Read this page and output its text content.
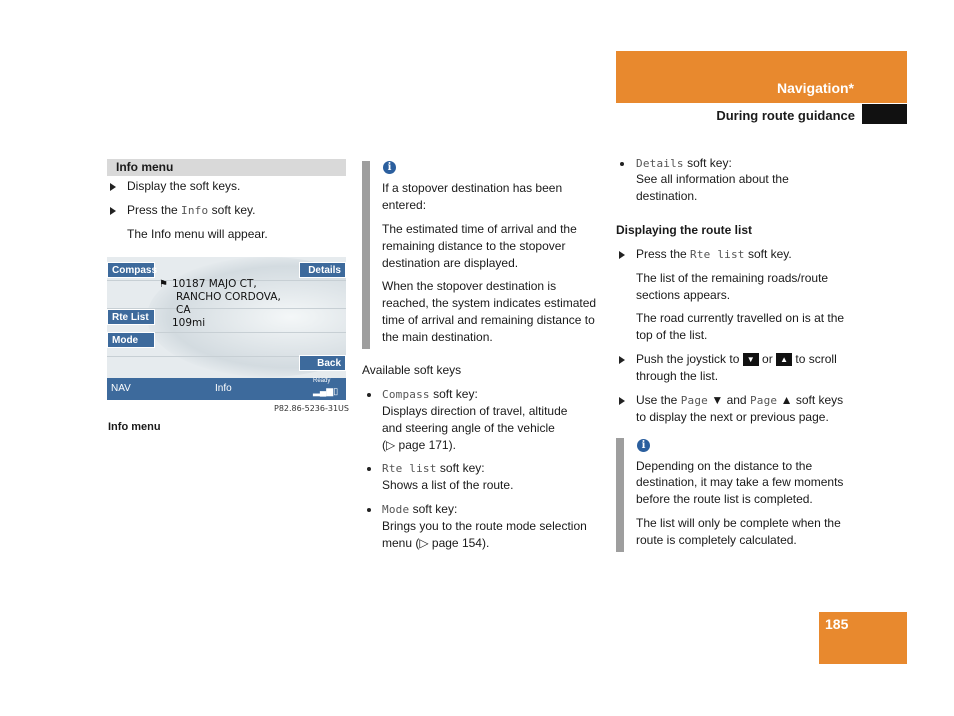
Navigation*
During route guidance
Info menu
Display the soft keys.
Press the Info soft key.
The Info menu will appear.
Compass	Details
Rte List
Mode
Back
⚑ 10187 MAJO CT,
RANCHO CORDOVA,
CA
109mi
NAV	Info
Ready
▂▄▆▯
P82.86-5236-31US
Info menu
i
If a stopover destination has been entered:
The estimated time of arrival and the remaining distance to the stopover destination are displayed.
When the stopover destination is reached, the system indicates estimated time of arrival and remaining distance to the main destination.
Available soft keys
Compass soft key:
Displays direction of travel, altitude
and steering angle of the vehicle
(▷ page 171).
Rte list soft key:
Shows a list of the route.
Mode soft key:
Brings you to the route mode selection
menu (▷ page 154).
Details soft key:
See all information about the
destination.
Displaying the route list
Press the Rte list soft key.
The list of the remaining roads/route
sections appears.
The road currently travelled on is at the
top of the list.
Push the joystick to ▼ or ▲ to scroll
through the list.
Use the Page ▼ and Page ▲ soft keys
to display the next or previous page.
i
Depending on the distance to the
destination, it may take a few moments
before the route list is completed.
The list will only be complete when the
route is completely calculated.
185
